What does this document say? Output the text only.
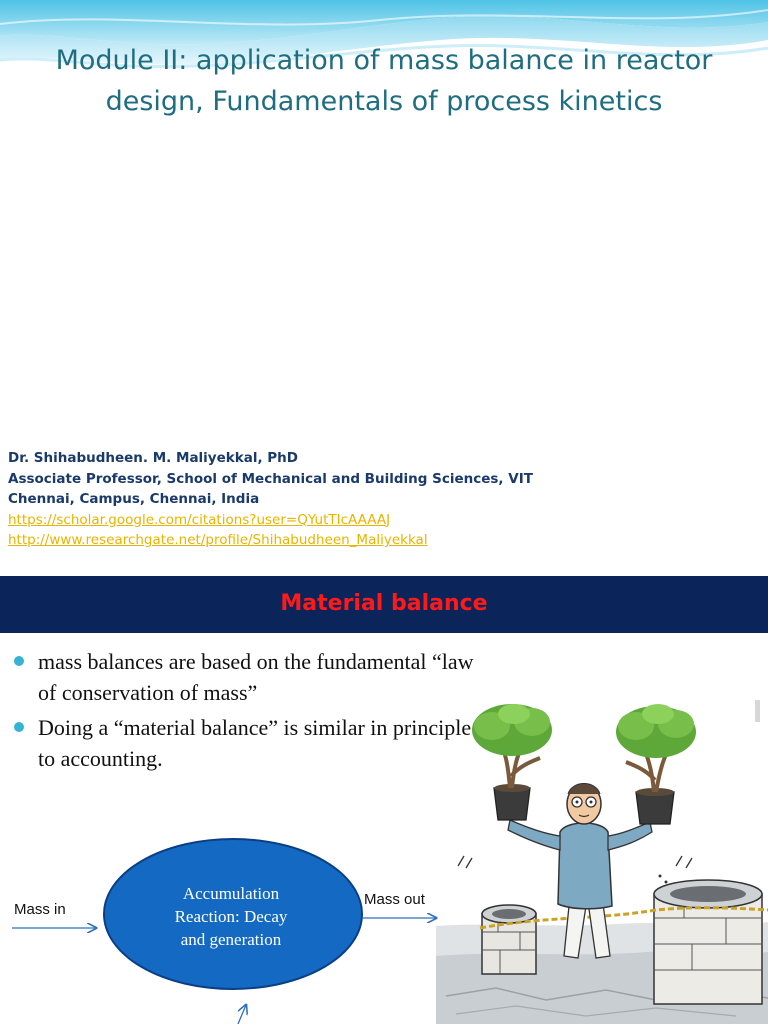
Module II: application of mass balance in reactor
design, Fundamentals of process kinetics
Dr. Shihabudheen. M. Maliyekkal, PhD
Associate Professor, School of Mechanical and Building Sciences, VIT
Chennai, Campus, Chennai, India
https://scholar.google.com/citations?user=QYutTIcAAAAJ
http://www.researchgate.net/profile/Shihabudheen_Maliyekkal
Material balance
mass balances are based on the fundamental “law of conservation of mass”
Doing a “material balance” is similar in principle to accounting.
Mass in
Accumulation
Reaction: Decay
and generation
Mass out
